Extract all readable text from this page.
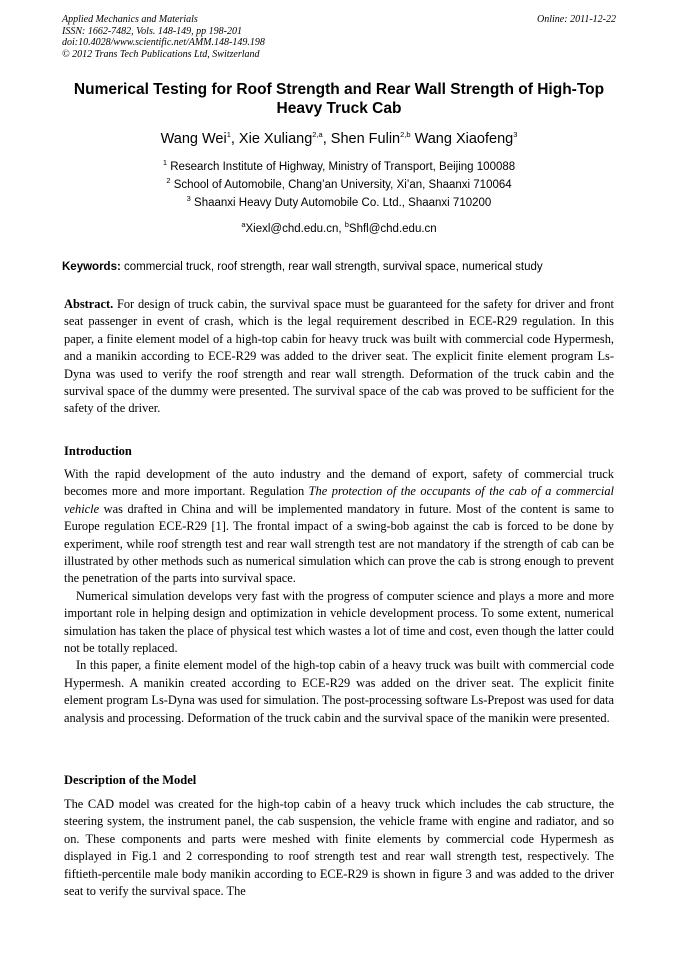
Applied Mechanics and Materials
ISSN: 1662-7482, Vols. 148-149, pp 198-201
doi:10.4028/www.scientific.net/AMM.148-149.198
© 2012 Trans Tech Publications Ltd, Switzerland
Online: 2011-12-22
Numerical Testing for Roof Strength and Rear Wall Strength of High-Top
Heavy Truck Cab
Wang Wei$^1$, Xie Xuliang$^{2,a}$, Shen Fulin$^{2,b}$ Wang Xiaofeng$^3$
$^1$ Research Institute of Highway, Ministry of Transport, Beijing 100088
$^2$ School of Automobile, Chang’an University, Xi’an, Shaanxi 710064
$^3$ Shaanxi Heavy Duty Automobile Co. Ltd., Shaanxi 710200
$^a$Xiexl@chd.edu.cn, $^b$Shfl@chd.edu.cn
Keywords: commercial truck, roof strength, rear wall strength, survival space, numerical study

Abstract. For design of truck cabin, the survival space must be guaranteed for the safety for driver and front seat passenger in event of crash, which is the legal requirement described in ECE-R29 regulation. In this paper, a finite element model of a high-top cabin for heavy truck was built with commercial code Hypermesh, and a manikin according to ECE-R29 was added to the driver seat. The explicit finite element program Ls-Dyna was used to verify the roof strength and rear wall strength. Deformation of the truck cabin and the survival space of the dummy were presented. The survival space of the cab was proved to be sufficient for the safety of the driver.

Introduction

With the rapid development of the auto industry and the demand of export, safety of commercial truck becomes more and more important. Regulation The protection of the occupants of the cab of a commercial vehicle was drafted in China and will be implemented mandatory in future. Most of the content is same to Europe regulation ECE-R29 [1]. The frontal impact of a swing-bob against the cab is forced to be done by experiment, while roof strength test and rear wall strength test are not mandatory if the strength of cab can be illustrated by other methods such as numerical simulation which can prove the cab is strong enough to prevent the penetration of the parts into survival space.

Numerical simulation develops very fast with the progress of computer science and plays a more and more important role in helping design and optimization in vehicle development process. To some extent, numerical simulation has taken the place of physical test which wastes a lot of time and cost, even though the latter could not be totally replaced.

In this paper, a finite element model of the high-top cabin of a heavy truck was built with commercial code Hypermesh. A manikin created according to ECE-R29 was added on the driver seat. The explicit finite element program Ls-Dyna was used for simulation. The post-processing software Ls-Prepost was used for data analysis and processing. Deformation of the truck cabin and the survival space of the manikin were presented.

Description of the Model

The CAD model was created for the high-top cabin of a heavy truck which includes the cab structure, the steering system, the instrument panel, the cab suspension, the vehicle frame with engine and radiator, and so on. These components and parts were meshed with finite elements by commercial code Hypermesh as displayed in Fig.1 and 2 corresponding to roof strength test and rear wall strength test, respectively. The fiftieth-percentile male body manikin according to ECE-R29 is shown in figure 3 and was added to the driver seat to verify the survival space. The
